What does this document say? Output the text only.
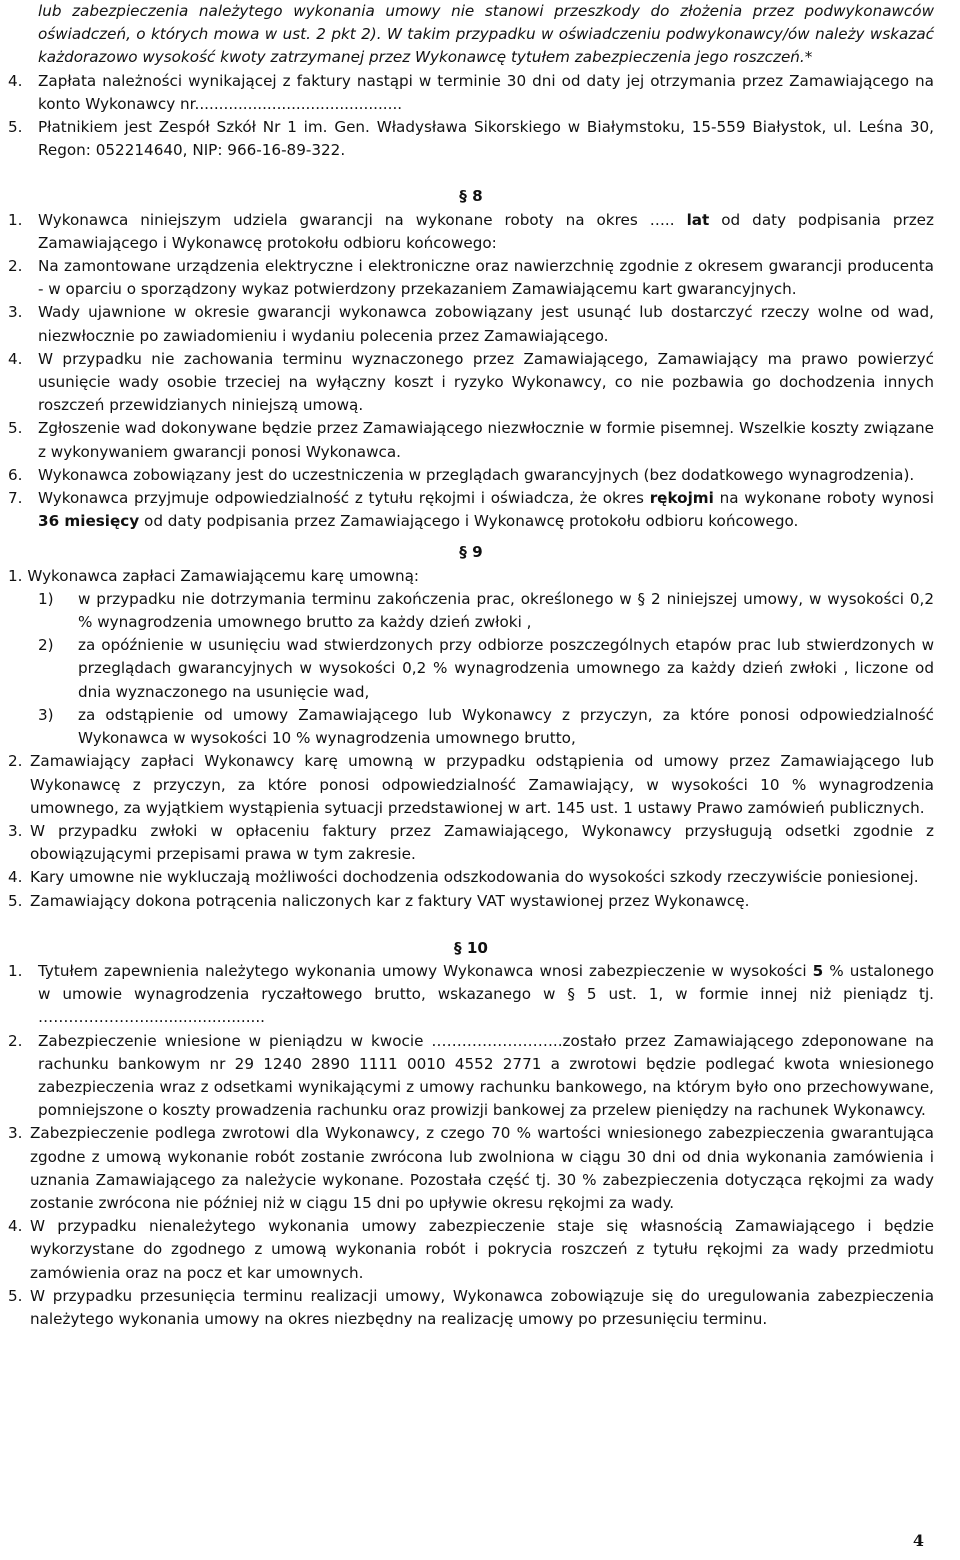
lub zabezpieczenia należytego wykonania umowy nie stanowi przeszkody do złożenia przez podwykonawców oświadczeń, o których mowa w ust. 2 pkt 2). W takim przypadku w oświadczeniu podwykonawcy/ów należy wskazać każdorazowo wysokość kwoty zatrzymanej przez Wykonawcę tytułem zabezpieczenia jego roszczeń.*
4.	Zapłata należności wynikającej z faktury nastąpi w terminie 30 dni od daty jej otrzymania przez Zamawiającego na konto Wykonawcy nr...........................................
5.	Płatnikiem jest Zespół Szkół Nr 1 im. Gen. Władysława Sikorskiego w Białymstoku, 15-559 Białystok, ul. Leśna 30, Regon: 052214640, NIP: 966-16-89-322.
§ 8
1.	Wykonawca niniejszym udziela gwarancji na wykonane roboty na okres ….. lat od daty podpisania przez Zamawiającego i Wykonawcę protokołu odbioru końcowego:
2.	Na zamontowane urządzenia elektryczne i elektroniczne oraz nawierzchnię zgodnie z okresem gwarancji producenta - w oparciu o sporządzony wykaz potwierdzony przekazaniem Zamawiającemu kart gwarancyjnych.
3.	Wady ujawnione w okresie gwarancji wykonawca zobowiązany jest usunąć lub dostarczyć rzeczy wolne od wad, niezwłocznie po zawiadomieniu i wydaniu polecenia przez Zamawiającego.
4.	W przypadku nie zachowania terminu wyznaczonego przez Zamawiającego, Zamawiający ma prawo powierzyć usunięcie wady osobie trzeciej na wyłączny koszt i ryzyko Wykonawcy, co nie pozbawia go dochodzenia innych roszczeń przewidzianych niniejszą umową.
5.	Zgłoszenie wad dokonywane będzie przez Zamawiającego niezwłocznie w formie pisemnej. Wszelkie koszty związane z wykonywaniem gwarancji ponosi Wykonawca.
6.	Wykonawca zobowiązany jest do uczestniczenia w przeglądach gwarancyjnych (bez dodatkowego wynagrodzenia).
7.	Wykonawca przyjmuje odpowiedzialność z tytułu rękojmi i oświadcza, że okres rękojmi na wykonane roboty wynosi 36 miesięcy od daty podpisania przez Zamawiającego i Wykonawcę protokołu odbioru końcowego.
§ 9
1. Wykonawca zapłaci Zamawiającemu karę umowną:
1)	w przypadku nie dotrzymania terminu zakończenia prac, określonego w § 2 niniejszej umowy, w wysokości 0,2 % wynagrodzenia umownego brutto za każdy dzień zwłoki ,
2)	za opóźnienie w usunięciu wad stwierdzonych przy odbiorze poszczególnych etapów prac lub stwierdzonych w przeglądach gwarancyjnych w wysokości 0,2 % wynagrodzenia umownego za każdy dzień zwłoki , liczone od dnia wyznaczonego na usunięcie wad,
3)	za odstąpienie od umowy Zamawiającego lub Wykonawcy z przyczyn, za które ponosi odpowiedzialność Wykonawca w wysokości 10 % wynagrodzenia umownego brutto,
2. Zamawiający zapłaci Wykonawcy karę umowną w przypadku odstąpienia od umowy przez Zamawiającego lub Wykonawcę z przyczyn, za które ponosi odpowiedzialność Zamawiający, w wysokości 10 % wynagrodzenia umownego, za wyjątkiem wystąpienia sytuacji przedstawionej w art. 145 ust. 1 ustawy Prawo zamówień publicznych.
3. W przypadku zwłoki w opłaceniu faktury przez Zamawiającego, Wykonawcy przysługują odsetki zgodnie z obowiązującymi przepisami prawa w tym zakresie.
4. Kary umowne nie wykluczają możliwości dochodzenia odszkodowania do wysokości szkody rzeczywiście poniesionej.
5. Zamawiający dokona potrącenia naliczonych kar z faktury VAT wystawionej przez Wykonawcę.
§ 10
1.	Tytułem zapewnienia należytego wykonania umowy Wykonawca wnosi zabezpieczenie w wysokości 5 % ustalonego w umowie wynagrodzenia ryczałtowego brutto, wskazanego w § 5 ust. 1, w formie innej niż pieniądz tj. ………………….........................
2.	Zabezpieczenie wniesione w pieniądzu w kwocie ……………………..zostało przez Zamawiającego zdeponowane na rachunku bankowym nr 29 1240 2890 1111 0010 4552 2771 a zwrotowi będzie podlegać kwota wniesionego zabezpieczenia wraz z odsetkami wynikającymi z umowy rachunku bankowego, na którym było ono przechowywane, pomniejszone o koszty prowadzenia rachunku oraz prowizji bankowej za przelew pieniędzy na rachunek Wykonawcy.
3. Zabezpieczenie podlega zwrotowi dla Wykonawcy, z czego 70 % wartości wniesionego zabezpieczenia gwarantująca zgodne z umową wykonanie robót zostanie zwrócona lub zwolniona w ciągu 30 dni od dnia wykonania zamówienia i uznania Zamawiającego za należycie wykonane. Pozostała część tj. 30 % zabezpieczenia dotycząca rękojmi za wady zostanie zwrócona nie później niż w ciągu 15 dni po upływie okresu rękojmi za wady.
4. W przypadku nienależytego wykonania umowy zabezpieczenie staje się własnością Zamawiającego i będzie wykorzystane do zgodnego z umową wykonania robót i pokrycia roszczeń z tytułu rękojmi za wady przedmiotu zamówienia oraz na pocz et kar umownych.
5. W przypadku przesunięcia terminu realizacji umowy, Wykonawca zobowiązuje się do uregulowania zabezpieczenia należytego wykonania umowy na okres niezbędny na realizację umowy po przesunięciu terminu.
4
